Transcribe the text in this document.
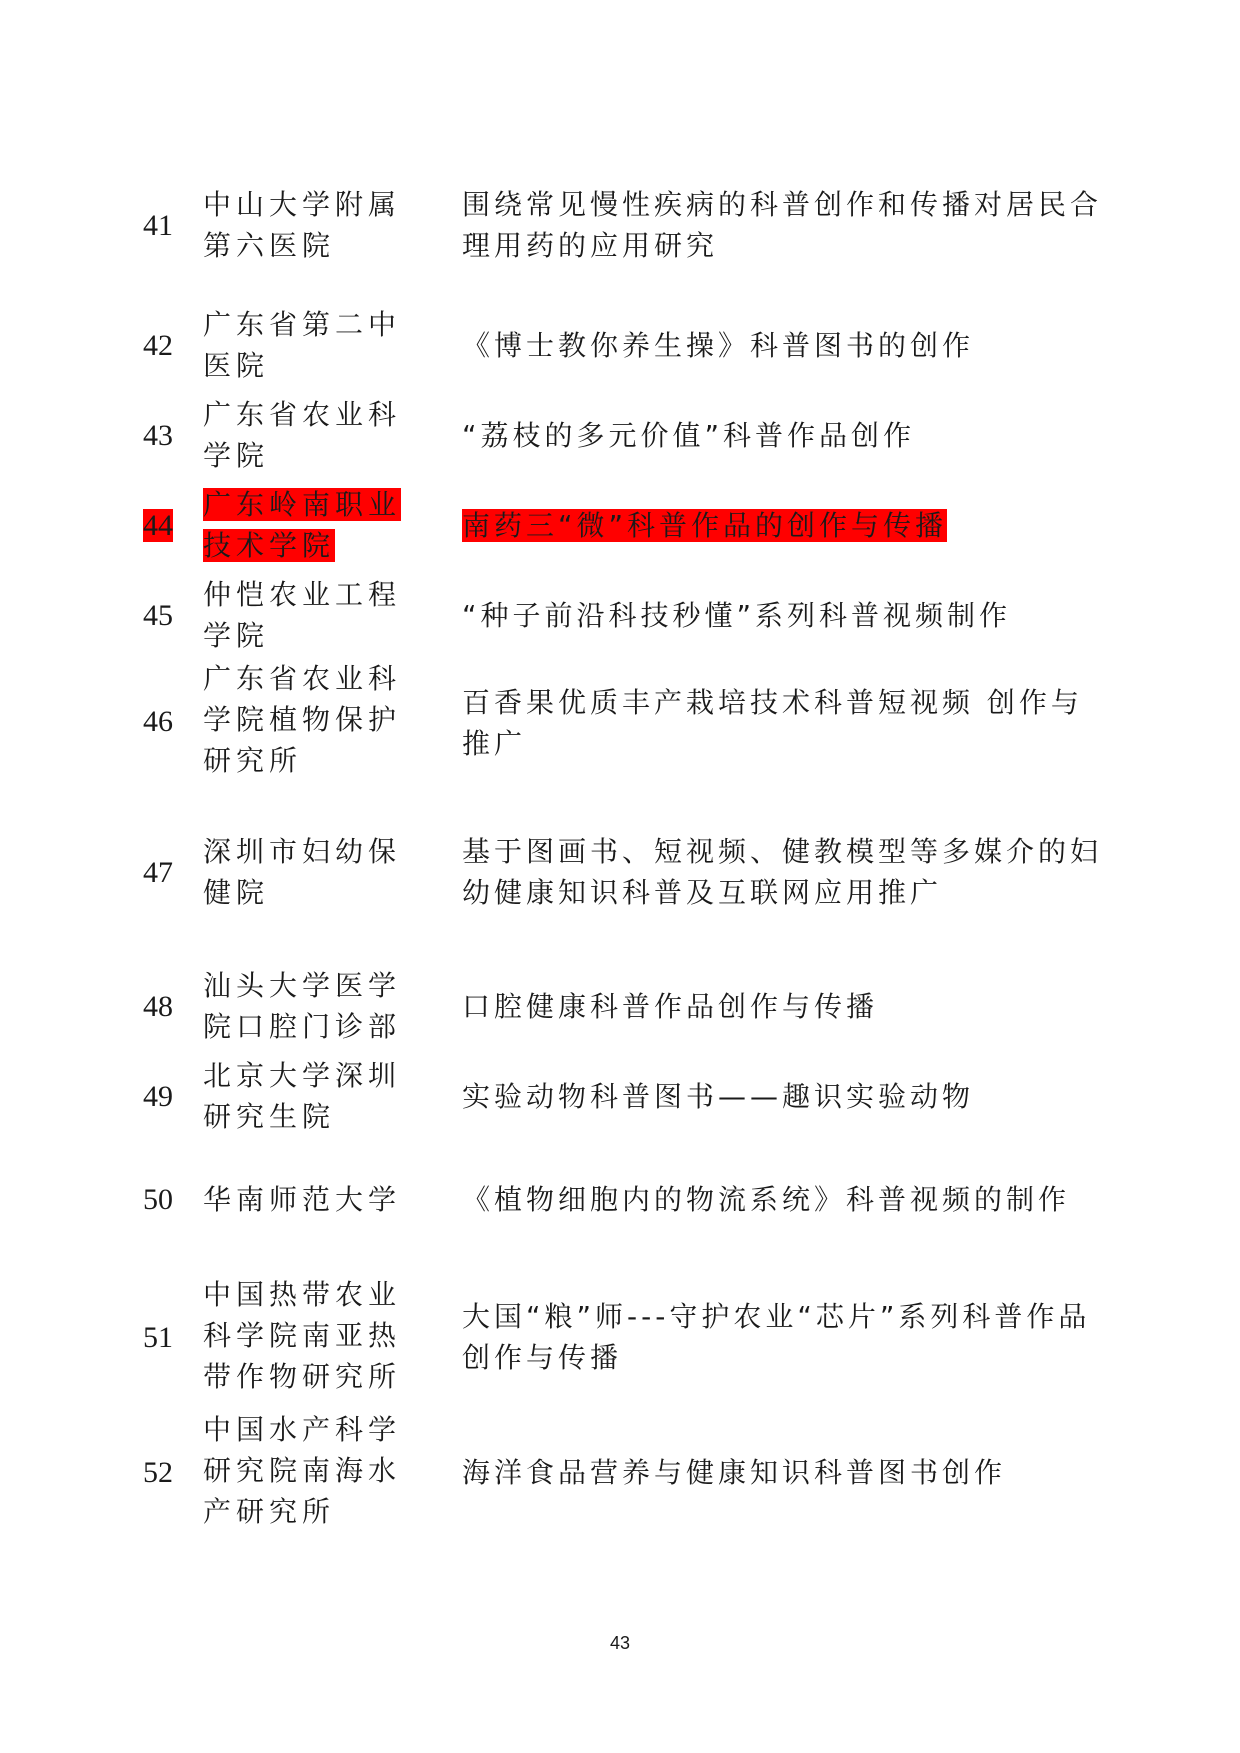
41
中山大学附属第六医院
围绕常见慢性疾病的科普创作和传播对居民合理用药的应用研究
42
广东省第二中医院
《博士教你养生操》科普图书的创作
43
广东省农业科学院
“荔枝的多元价值”科普作品创作
44
广东岭南职业技术学院
南药三“微”科普作品的创作与传播
45
仲恺农业工程学院
“种子前沿科技秒懂”系列科普视频制作
46
广东省农业科学院植物保护研究所
百香果优质丰产栽培技术科普短视频 创作与推广
47
深圳市妇幼保健院
基于图画书、短视频、健教模型等多媒介的妇幼健康知识科普及互联网应用推广
48
汕头大学医学院口腔门诊部
口腔健康科普作品创作与传播
49
北京大学深圳研究生院
实验动物科普图书——趣识实验动物
50	华南师范大学	《植物细胞内的物流系统》科普视频的制作
51
中国热带农业科学院南亚热带作物研究所
大国“粮”师---守护农业“芯片”系列科普作品创作与传播
52
中国水产科学研究院南海水产研究所
海洋食品营养与健康知识科普图书创作
43
